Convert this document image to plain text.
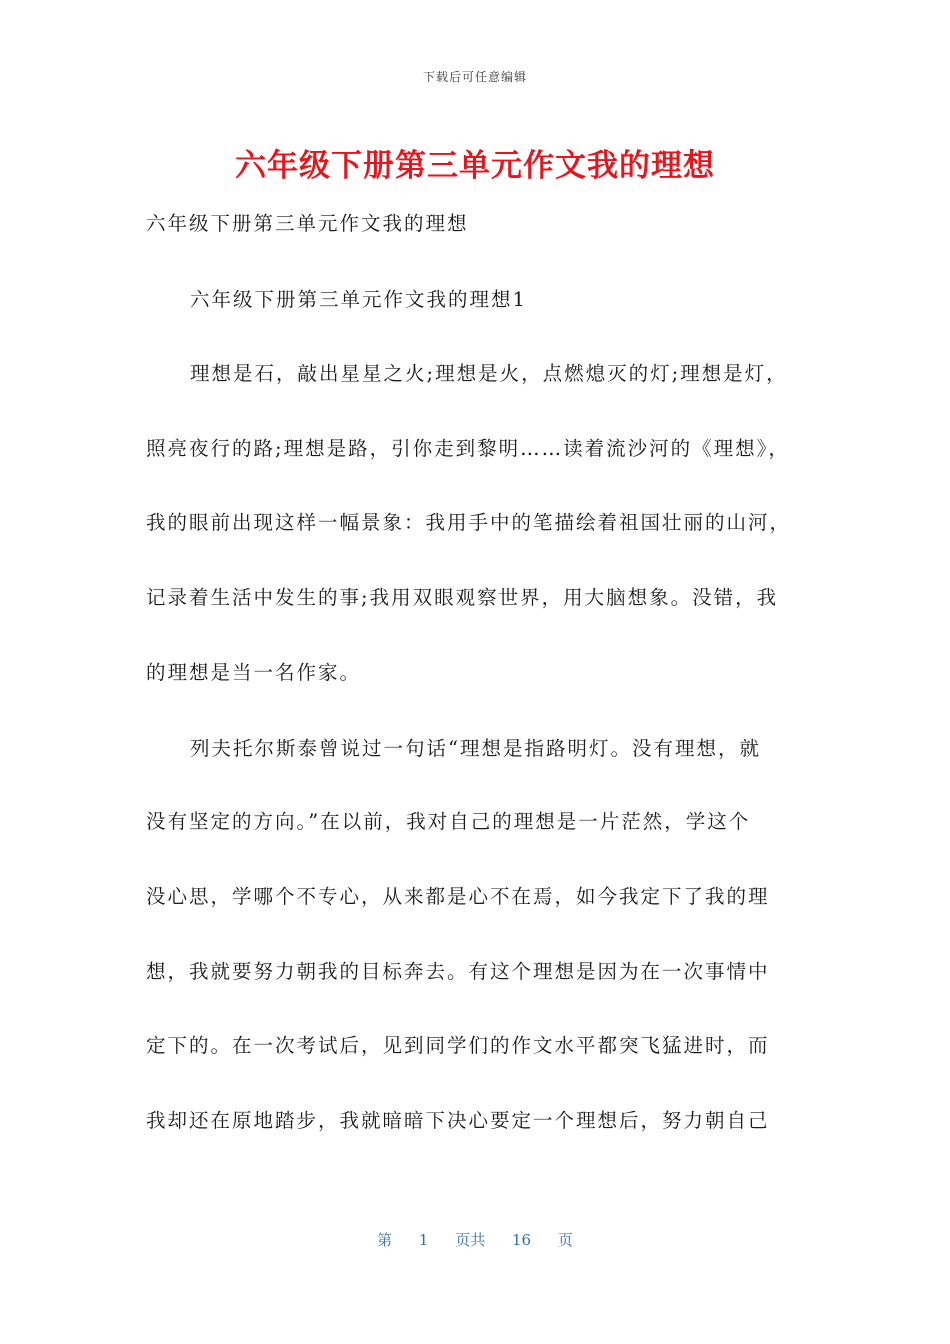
下载后可任意编辑
六年级下册第三单元作文我的理想
六年级下册第三单元作文我的理想
六年级下册第三单元作文我的理想1
理想是石，敲出星星之火;理想是火，点燃熄灭的灯;理想是灯，
照亮夜行的路;理想是路，引你走到黎明……读着流沙河的《理想》，
我的眼前出现这样一幅景象：我用手中的笔描绘着祖国壮丽的山河，
记录着生活中发生的事;我用双眼观察世界，用大脑想象。没错，我
的理想是当一名作家。
列夫托尔斯泰曾说过一句话“理想是指路明灯。没有理想，就
没有坚定的方向。”在以前，我对自己的理想是一片茫然，学这个
没心思，学哪个不专心，从来都是心不在焉，如今我定下了我的理
想，我就要努力朝我的目标奔去。有这个理想是因为在一次事情中
定下的。在一次考试后，见到同学们的作文水平都突飞猛进时，而
我却还在原地踏步，我就暗暗下决心要定一个理想后，努力朝自己
第 1 页共 16 页
